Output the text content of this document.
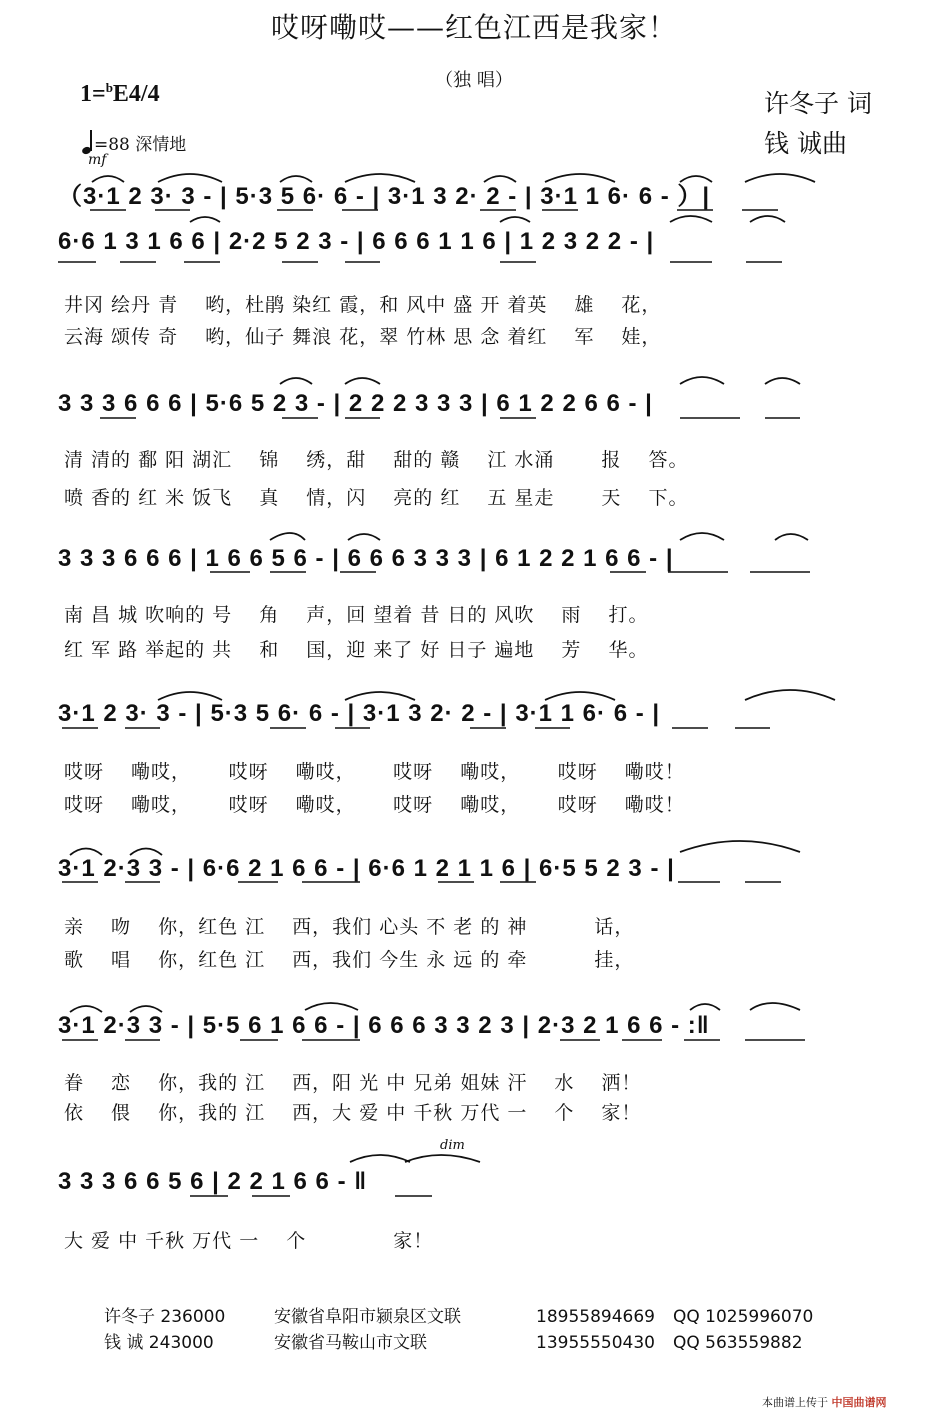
哎呀嘞哎——红色江西是我家！
（独 唱）
1=$^b$E4/4
=88 深情地
mf
许冬子 词
钱 诚曲
（3·1 2 3· 3 - | 5·3 5 6· 6 - | 3·1 3 2· 2 - | 3·1 1 6· 6 - ）|
6·6 1 3 1 6 6 | 2·2 5 2 3 - | 6 6 6 1 1 6 | 1 2 3 2 2 - |
井冈 绘丹 青　 哟，杜鹃 染红 霞，和 风中 盛 开 着英　 雄　 花，
云海 颂传 奇　 哟，仙子 舞浪 花，翠 竹林 思 念 着红　 军　 娃，
3 3 3 6 6 6 | 5·6 5 2 3 - | 2 2 2 3 3 3 | 6 1 2 2 6 6 - |
清 清的 鄱 阳 湖汇　 锦　 绣，甜　 甜的 赣　 江 水涌　　 报　 答。
喷 香的 红 米 饭飞　 真　 情，闪　 亮的 红　 五 星走　　 天　 下。
3 3 3 6 6 6 | 1 6 6 5 6 - | 6 6 6 3 3 3 | 6 1 2 2 1 6 6 - |
南 昌 城 吹响的 号　 角　 声，回 望着 昔 日的 风吹　 雨　 打。
红 军 路 举起的 共　 和　 国，迎 来了 好 日子 遍地　 芳　 华。
3·1 2 3· 3 - | 5·3 5 6· 6 - | 3·1 3 2· 2 - | 3·1 1 6· 6 - |
哎呀　 嘞哎，　　 哎呀　 嘞哎，　　 哎呀　 嘞哎，　　 哎呀　 嘞哎！
哎呀　 嘞哎，　　 哎呀　 嘞哎，　　 哎呀　 嘞哎，　　 哎呀　 嘞哎！
3·1 2·3 3 - | 6·6 2 1 6 6 - | 6·6 1 2 1 1 6 | 6·5 5 2 3 - |
亲　 吻　 你，红色 江　 西，我们 心头 不 老 的 神　　　 话，
歌　 唱　 你，红色 江　 西，我们 今生 永 远 的 牵　　　 挂，
3·1 2·3 3 - | 5·5 6 1 6 6 - | 6 6 6 3 3 2 3 | 2·3 2 1 6 6 - :‖
眷　 恋　 你，我的 江　 西，阳 光 中 兄弟 姐妹 汗　 水　 洒！
依　 偎　 你，我的 江　 西，大 爱 中 千秋 万代 一　 个　 家！
dim
3 3 3 6 6 5 6 | 2 2 1 6 6 - ‖
大 爱 中 千秋 万代 一　 个　　　　 家！
许冬子 236000	安徽省阜阳市颍泉区文联	18955894669 QQ 1025996070
钱 诚 243000	安徽省马鞍山市文联	13955550430 QQ 563559882
本曲谱上传于 中国曲谱网
